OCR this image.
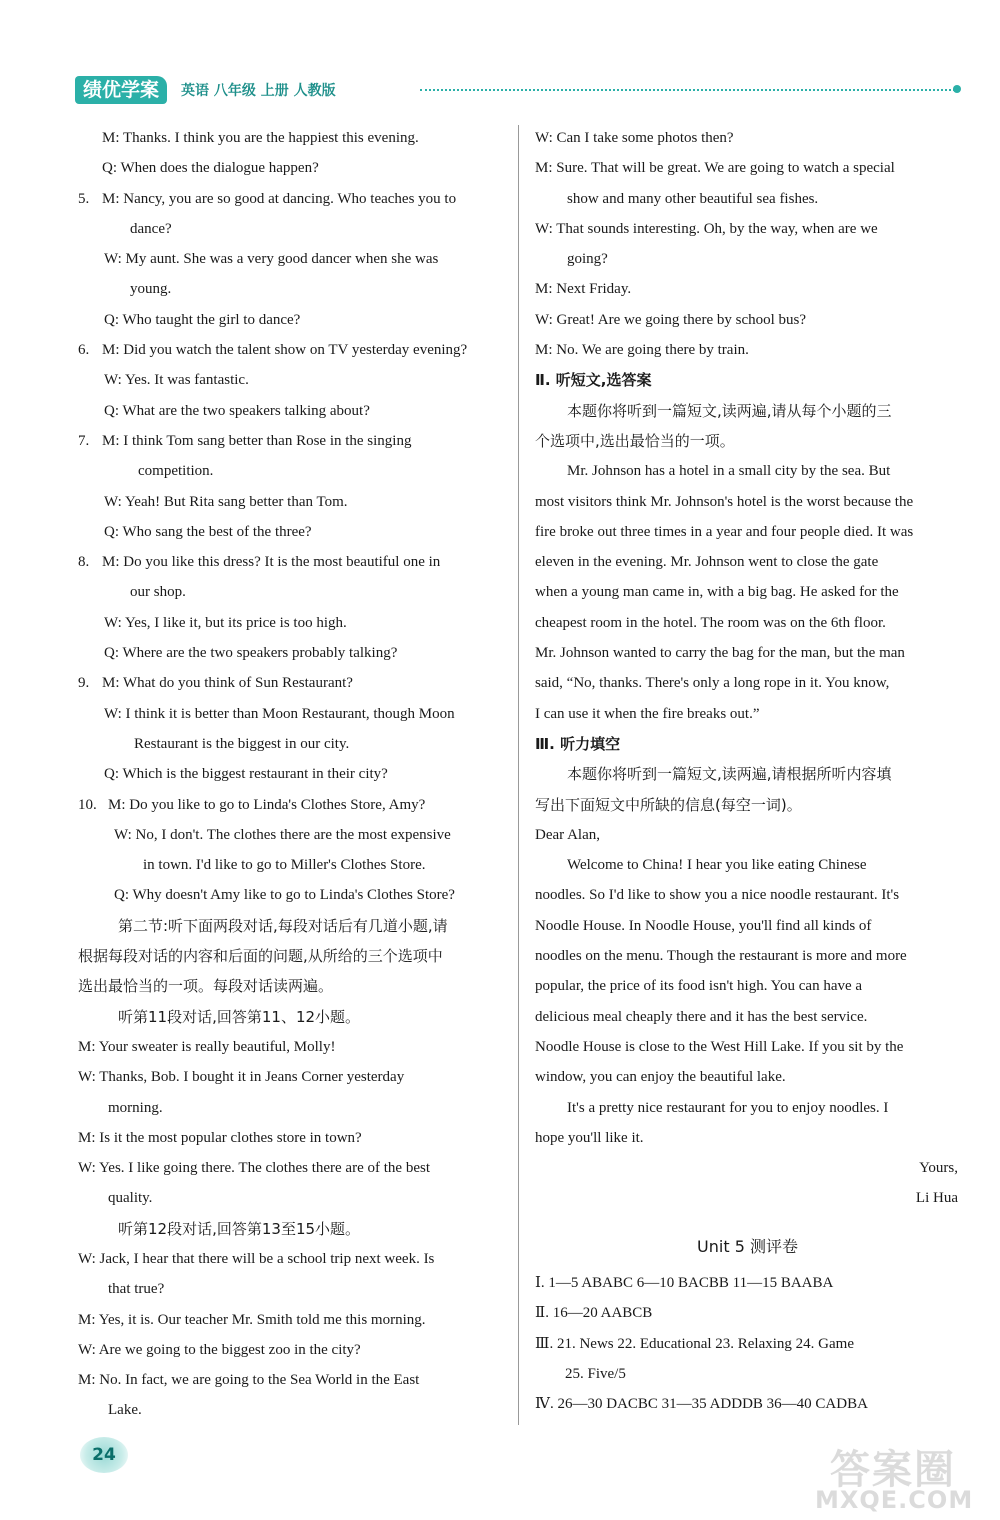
绩优学案	英语 八年级 上册 人教版
M: Thanks. I think you are the happiest this evening.
Q: When does the dialogue happen?
5. M: Nancy, you are so good at dancing. Who teaches you to
dance?
W: My aunt. She was a very good dancer when she was
young.
Q: Who taught the girl to dance?
6. M: Did you watch the talent show on TV yesterday evening?
W: Yes. It was fantastic.
Q: What are the two speakers talking about?
7. M: I think Tom sang better than Rose in the singing
competition.
W: Yeah! But Rita sang better than Tom.
Q: Who sang the best of the three?
8. M: Do you like this dress? It is the most beautiful one in
our shop.
W: Yes, I like it, but its price is too high.
Q: Where are the two speakers probably talking?
9. M: What do you think of Sun Restaurant?
W: I think it is better than Moon Restaurant, though Moon
Restaurant is the biggest in our city.
Q: Which is the biggest restaurant in their city?
10. M: Do you like to go to Linda's Clothes Store, Amy?
W: No, I don't. The clothes there are the most expensive
in town. I'd like to go to Miller's Clothes Store.
Q: Why doesn't Amy like to go to Linda's Clothes Store?
第二节:听下面两段对话,每段对话后有几道小题,请
根据每段对话的内容和后面的问题,从所给的三个选项中
选出最恰当的一项。每段对话读两遍。
听第11段对话,回答第11、12小题。
M: Your sweater is really beautiful, Molly!
W: Thanks, Bob. I bought it in Jeans Corner yesterday
morning.
M: Is it the most popular clothes store in town?
W: Yes. I like going there. The clothes there are of the best
quality.
听第12段对话,回答第13至15小题。
W: Jack, I hear that there will be a school trip next week. Is
that true?
M: Yes, it is. Our teacher Mr. Smith told me this morning.
W: Are we going to the biggest zoo in the city?
M: No. In fact, we are going to the Sea World in the East
Lake.
W: Can I take some photos then?
M: Sure. That will be great. We are going to watch a special
show and many other beautiful sea fishes.
W: That sounds interesting. Oh, by the way, when are we
going?
M: Next Friday.
W: Great! Are we going there by school bus?
M: No. We are going there by train.
Ⅱ. 听短文,选答案
本题你将听到一篇短文,读两遍,请从每个小题的三
个选项中,选出最恰当的一项。
Mr. Johnson has a hotel in a small city by the sea. But
most visitors think Mr. Johnson's hotel is the worst because the
fire broke out three times in a year and four people died. It was
eleven in the evening. Mr. Johnson went to close the gate
when a young man came in, with a big bag. He asked for the
cheapest room in the hotel. The room was on the 6th floor.
Mr. Johnson wanted to carry the bag for the man, but the man
said, “No, thanks. There's only a long rope in it. You know,
I can use it when the fire breaks out.”
Ⅲ. 听力填空
本题你将听到一篇短文,读两遍,请根据所听内容填
写出下面短文中所缺的信息(每空一词)。
Dear Alan,
Welcome to China! I hear you like eating Chinese
noodles. So I'd like to show you a nice noodle restaurant. It's
Noodle House. In Noodle House, you'll find all kinds of
noodles on the menu. Though the restaurant is more and more
popular, the price of its food isn't high. You can have a
delicious meal cheaply there and it has the best service.
Noodle House is close to the West Hill Lake. If you sit by the
window, you can enjoy the beautiful lake.
It's a pretty nice restaurant for you to enjoy noodles. I
hope you'll like it.
Yours,
Li Hua
Unit 5 测评卷
Ⅰ. 1—5 ABABC 6—10 BACBB 11—15 BAABA
Ⅱ. 16—20 AABCB
Ⅲ. 21. News 22. Educational 23. Relaxing 24. Game
25. Five/5
Ⅳ. 26—30 DACBC 31—35 ADDDB 36—40 CADBA
24	答案圈
MXQE.COM
